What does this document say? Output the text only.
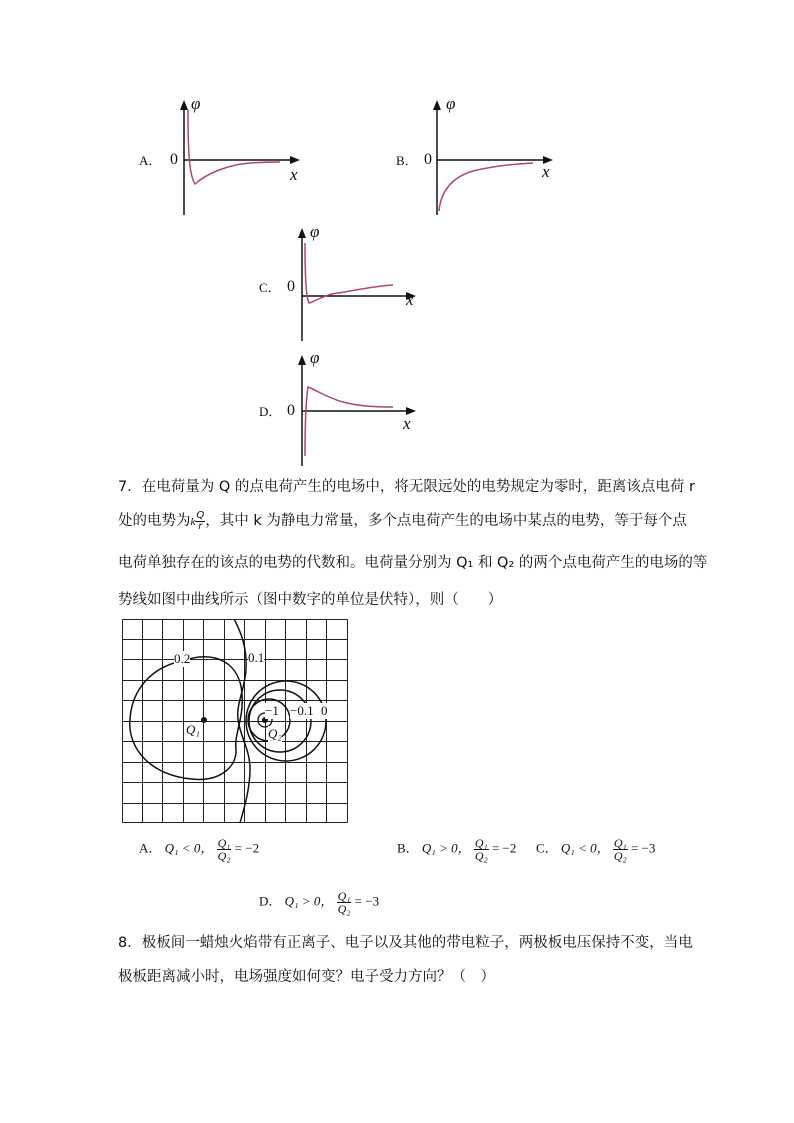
A． 0
φ
x
B． 0
φ
x
C． 0
φ
x
D． 0
φ
x
7．在电荷量为 Q 的点电荷产生的电场中，将无限远处的电势规定为零时，距离该点电荷 r
处的电势为k $\frac{Q}{r}$ ，其中 k 为静电力常量，多个点电荷产生的电场中某点的电势，等于每个点
电荷单独存在的该点的电势的代数和。电荷量分别为 Q₁ 和 Q₂ 的两个点电荷产生的电场的等
势线如图中曲线所示（图中数字的单位是伏特），则（　　）
0.2	0.1
−1 −0.1 0
Q₁	Q₂
A． Q₁ < 0， $\frac{\text{Q₁}}{\text{Q₂}} = -2$	B． Q₁ > 0， $\frac{\text{Q₁}}{\text{Q₂}} = -2$ C． Q₁ < 0， $\frac{\text{Q₁}}{\text{Q₂}} = -3$
D． Q₁ > 0， $\frac{\text{Q₁}}{\text{Q₂}} = -3$
8．极板间一蜡烛火焰带有正离子、电子以及其他的带电粒子，两极板电压保持不变，当电
极板距离减小时，电场强度如何变？电子受力方向？（　）
